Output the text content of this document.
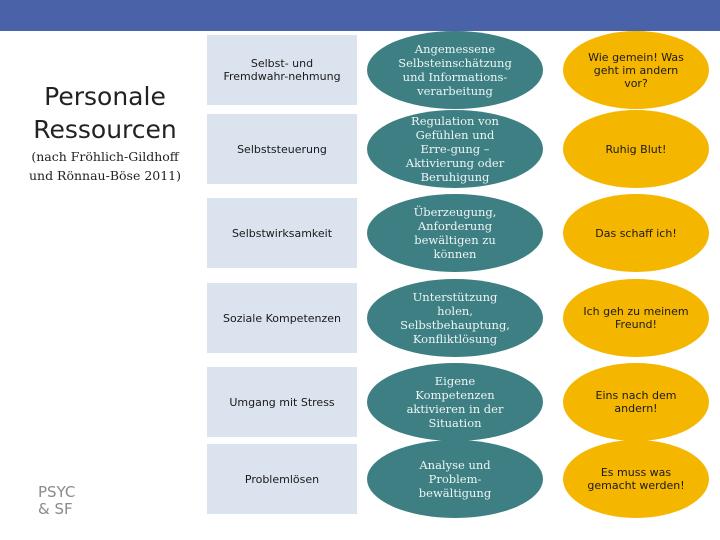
Personale
Ressourcen
(nach Fröhlich-Gildhoff
und Rönnau-Böse 2011)
PSYC
& SF
Selbst- und Fremdwahr-nehmung
Angemessene Selbsteinschätzung und Informations-verarbeitung
Wie gemein! Was geht im andern vor?
Selbststeuerung
Regulation von Gefühlen und Erre-gung – Aktivierung oder Beruhigung
Ruhig Blut!
Selbstwirksamkeit
Überzeugung, Anforderung bewältigen zu können
Das schaff ich!
Soziale Kompetenzen
Unterstützung holen, Selbstbehauptung, Konfliktlösung
Ich geh zu meinem Freund!
Umgang mit Stress
Eigene Kompetenzen aktivieren in der Situation
Eins nach dem andern!
Problemlösen
Analyse und Problem-bewältigung
Es muss was gemacht werden!
